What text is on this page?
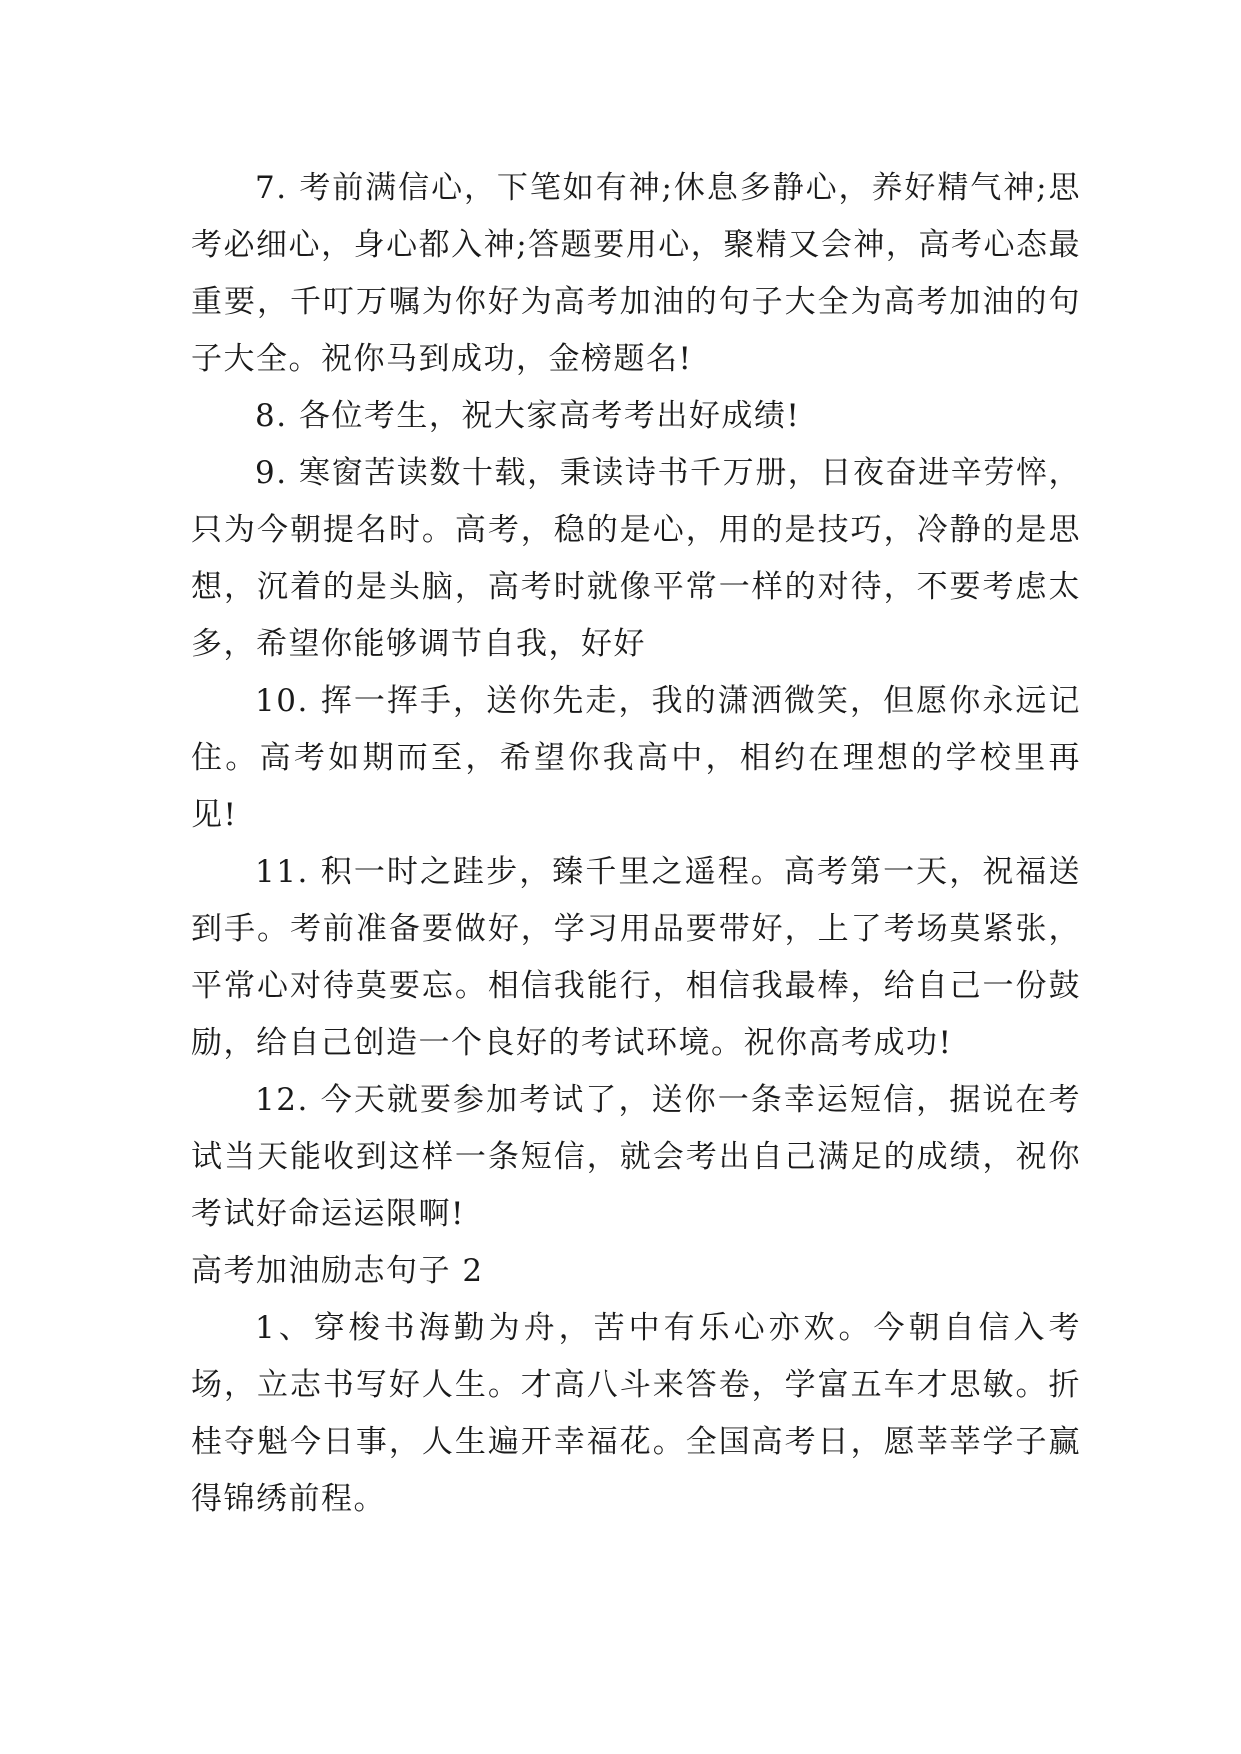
7. 考前满信心，下笔如有神;休息多静心，养好精气神;思考必细心，身心都入神;答题要用心，聚精又会神，高考心态最重要，千叮万嘱为你好为高考加油的句子大全为高考加油的句子大全。祝你马到成功，金榜题名!

8. 各位考生，祝大家高考考出好成绩!

9. 寒窗苦读数十载，秉读诗书千万册，日夜奋进辛劳悴，只为今朝提名时。高考，稳的是心，用的是技巧，冷静的是思想，沉着的是头脑，高考时就像平常一样的对待，不要考虑太多，希望你能够调节自我，好好

10. 挥一挥手，送你先走，我的潇洒微笑，但愿你永远记住。高考如期而至，希望你我高中，相约在理想的学校里再见!

11. 积一时之跬步，臻千里之遥程。高考第一天，祝福送到手。考前准备要做好，学习用品要带好，上了考场莫紧张，平常心对待莫要忘。相信我能行，相信我最棒，给自己一份鼓励，给自己创造一个良好的考试环境。祝你高考成功!

12. 今天就要参加考试了，送你一条幸运短信，据说在考试当天能收到这样一条短信，就会考出自己满足的成绩，祝你考试好命运运限啊!

高考加油励志句子 2

1、穿梭书海勤为舟，苦中有乐心亦欢。今朝自信入考场，立志书写好人生。才高八斗来答卷，学富五车才思敏。折桂夺魁今日事，人生遍开幸福花。全国高考日，愿莘莘学子赢得锦绣前程。
